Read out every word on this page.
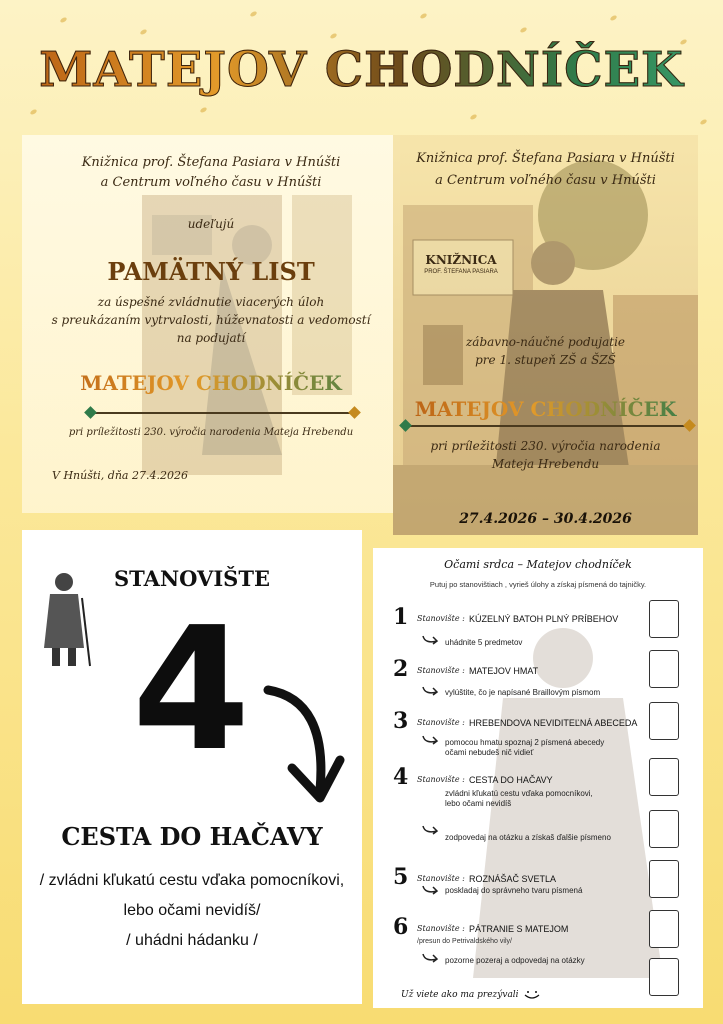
MATEJOV CHODNÍČEK
Knižnica prof. Štefana Pasiara v Hnúšti
a Centrum voľného času v Hnúšti
udeľujú
PAMÄTNÝ LIST
za úspešné zvládnutie viacerých úloh
s preukázaním vytrvalosti, húževnatosti a vedomostí
na podujatí
MATEJOV CHODNÍČEK
pri príležitosti 230. výročia narodenia Mateja Hrebendu
V Hnúšti, dňa 27.4.2026
KNIŽNICA
PROF. ŠTEFANA PASIARA
Knižnica prof. Štefana Pasiara v Hnúšti
a Centrum voľného času v Hnúšti
zábavno-náučné podujatie
pre 1. stupeň ZŠ a ŠZŠ
MATEJOV CHODNÍČEK
pri príležitosti 230. výročia narodenia
Mateja Hrebendu
27.4.2026 – 30.4.2026
STANOVIŠTE
4
CESTA DO HAČAVY
/ zvládni kľukatú cestu vďaka pomocníkovi,
lebo očami nevidíš/
/ uhádni hádanku /
Očami srdca – Matejov chodníček
Putuj po stanovištiach , vyrieš úlohy a získaj písmená do tajničky.
1 Stanovište : KÚZELNÝ BATOH PLNÝ PRÍBEHOV
uhádnite 5 predmetov
2 Stanovište : MATEJOV HMAT
vylúštite, čo je napísané Braillovým písmom
3 Stanovište : HREBENDOVA NEVIDITEĽNÁ ABECEDA
pomocou hmatu spoznaj 2 písmená abecedy
očami nebudeš nič vidieť
4 Stanovište : CESTA DO HAČAVY
zvládni kľukatú cestu vďaka pomocníkovi,
lebo očami nevidíš
zodpovedaj na otázku a získaš ďalšie písmeno
5 Stanovište : ROZNÁŠAČ SVETLA
poskladaj do správneho tvaru písmená
6 Stanovište : PÁTRANIE S MATEJOM
/presun do Petrivaldského vily/
pozorne pozeraj a odpovedaj na otázky
Už viete ako ma prezývali
